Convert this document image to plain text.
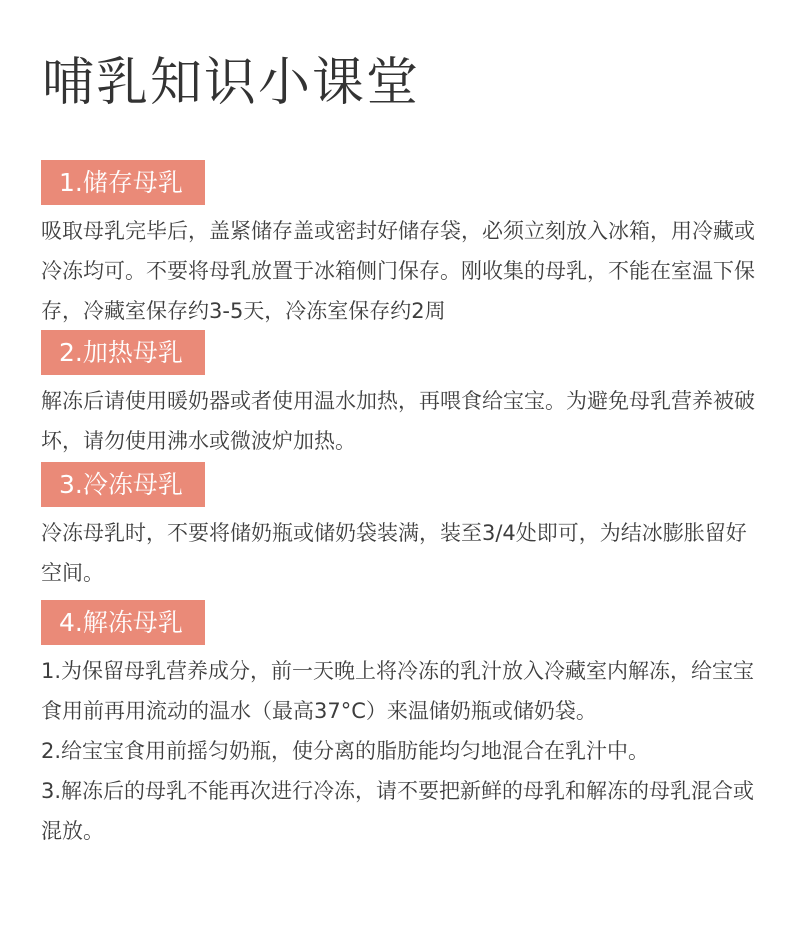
哺乳知识小课堂
1.储存母乳

吸取母乳完毕后，盖紧储存盖或密封好储存袋，必须立刻放入冰箱，用冷藏或冷冻均可。不要将母乳放置于冰箱侧门保存。刚收集的母乳，不能在室温下保存，冷藏室保存约3-5天，冷冻室保存约2周

2.加热母乳

解冻后请使用暖奶器或者使用温水加热，再喂食给宝宝。为避免母乳营养被破坏，请勿使用沸水或微波炉加热。

3.冷冻母乳

冷冻母乳时，不要将储奶瓶或储奶袋装满，装至3/4处即可，为结冰膨胀留好空间。

4.解冻母乳

1.为保留母乳营养成分，前一天晚上将冷冻的乳汁放入冷藏室内解冻，给宝宝食用前再用流动的温水（最高37°C）来温储奶瓶或储奶袋。

2.给宝宝食用前摇匀奶瓶，使分离的脂肪能均匀地混合在乳汁中。

3.解冻后的母乳不能再次进行冷冻，请不要把新鲜的母乳和解冻的母乳混合或混放。
